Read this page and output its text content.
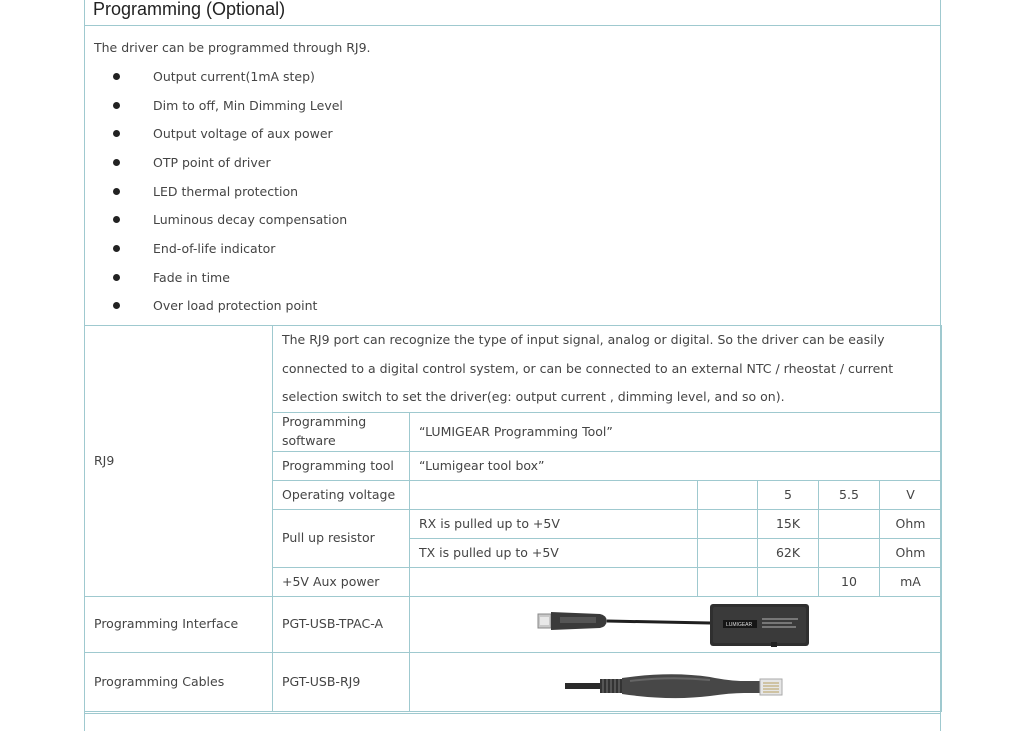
Programming (Optional)
The driver can be programmed through RJ9.
Output current(1mA step)
Dim to off, Min Dimming Level
Output voltage of aux power
OTP point of driver
LED thermal protection
Luminous decay compensation
End-of-life indicator
Fade in time
Over load protection point
RJ9	The RJ9 port can recognize the type of input signal, analog or digital. So the driver can be easily connected to a digital control system, or can be connected to an external NTC / rheostat / current selection switch to set the driver(eg: output current , dimming level, and so on).					
	Programming software	“LUMIGEAR Programming Tool”				
	Programming tool	“Lumigear tool box”				
	Operating voltage			5	5.5	V
	Pull up resistor	RX is pulled up to +5V		15K		Ohm
		TX is pulled up to +5V		62K		Ohm
	+5V Aux power				10	mA
Programming Interface	PGT-USB-TPAC-A	LUMIGEAR				

Programming Cables	PGT-USB-RJ9	
